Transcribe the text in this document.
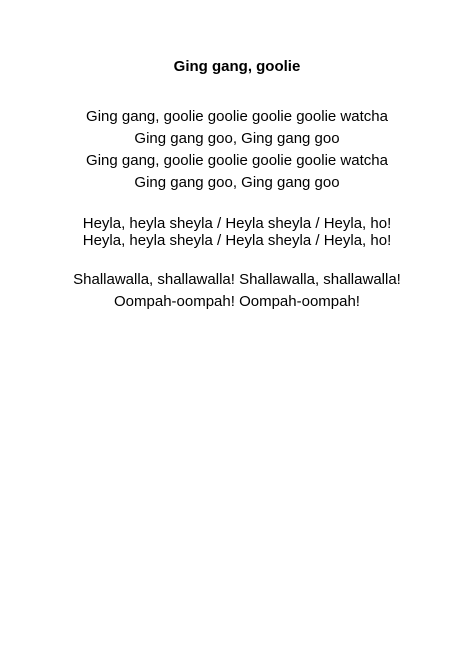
Ging gang, goolie
Ging gang, goolie goolie goolie goolie watcha
Ging gang goo, Ging gang goo
Ging gang, goolie goolie goolie goolie watcha
Ging gang goo, Ging gang goo
Heyla, heyla sheyla / Heyla sheyla / Heyla, ho!
Heyla, heyla sheyla / Heyla sheyla / Heyla, ho!
Shallawalla, shallawalla! Shallawalla, shallawalla!
Oompah-oompah! Oompah-oompah!
